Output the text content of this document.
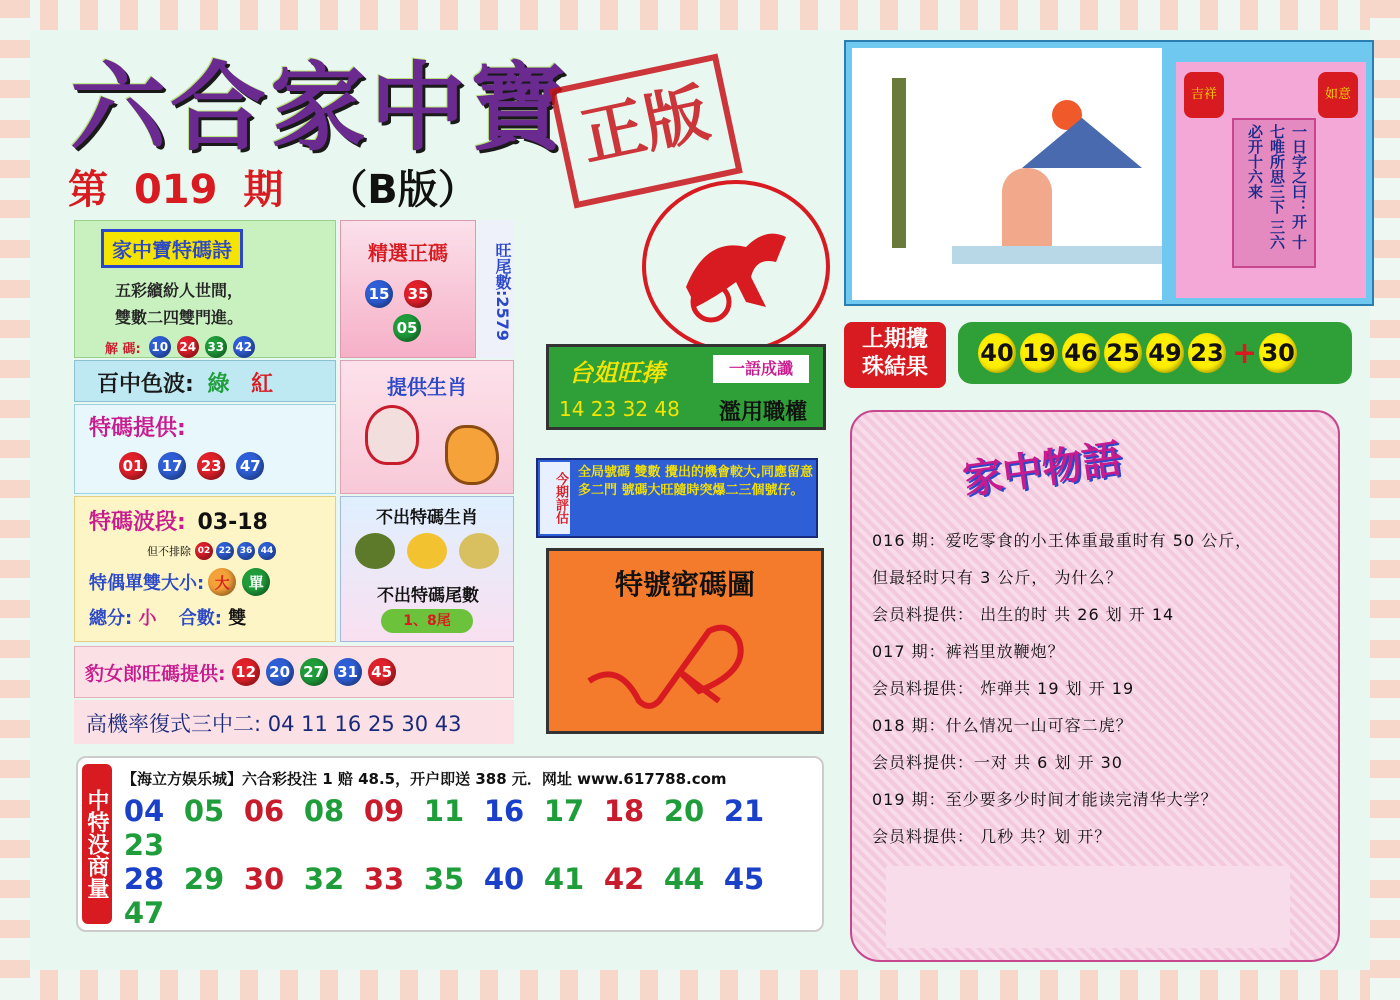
六合家中寶 正版
第 019 期 （B版）
家中寶特碼詩
五彩繽紛人世間，
雙數二四雙門進。
解 碼: 10 24 33 42
精選正碼
15 35
05
旺尾數:2579
百中色波: 綠 紅
特碼提供:
01 17 23 47
提供生肖
特碼波段: 03-18
但不排除 02 22 36 44
特偶單雙大小: 大	單
總分: 小 合數: 雙
不出特碼生肖
不出特碼尾數
1、8尾
豹女郎旺碼提供: 12 20 27 31 45
高機率復式三中二: 04 11 16 25 30 43
台姐旺捧	一語成讖
14 23 32 48 濫用職權
今期評估 全局號碼 雙數 攪出的機會較大,同應留意 多二門 號碼大旺隨時突爆二三個號仔。
特號密碼圖
【海立方娱乐城】六合彩投注 1 赔 48.5，开户即送 388 元．网址 www.617788.com
中特没商量 04 05 06 08 09 11 16 17 18 20 2123
28 29 30 32 33 35 40 41 42 44 4547
吉祥	如意
一日字之曰：开 十七唯所思三下 三六必开十六来
上期攪
珠結果
40 19 46 25 49 23 + 30
家中物語
016 期：爱吃零食的小王体重最重时有 50 公斤，
但最轻时只有 3 公斤， 为什么？
会员料提供： 出生的时 共 26 划 开 14
017 期：裤裆里放鞭炮？
会员料提供： 炸弹共 19 划 开 19
018 期：什么情况一山可容二虎？
会员料提供：一对 共 6 划 开 30
019 期：至少要多少时间才能读完清华大学？
会员料提供： 几秒 共？划 开？
